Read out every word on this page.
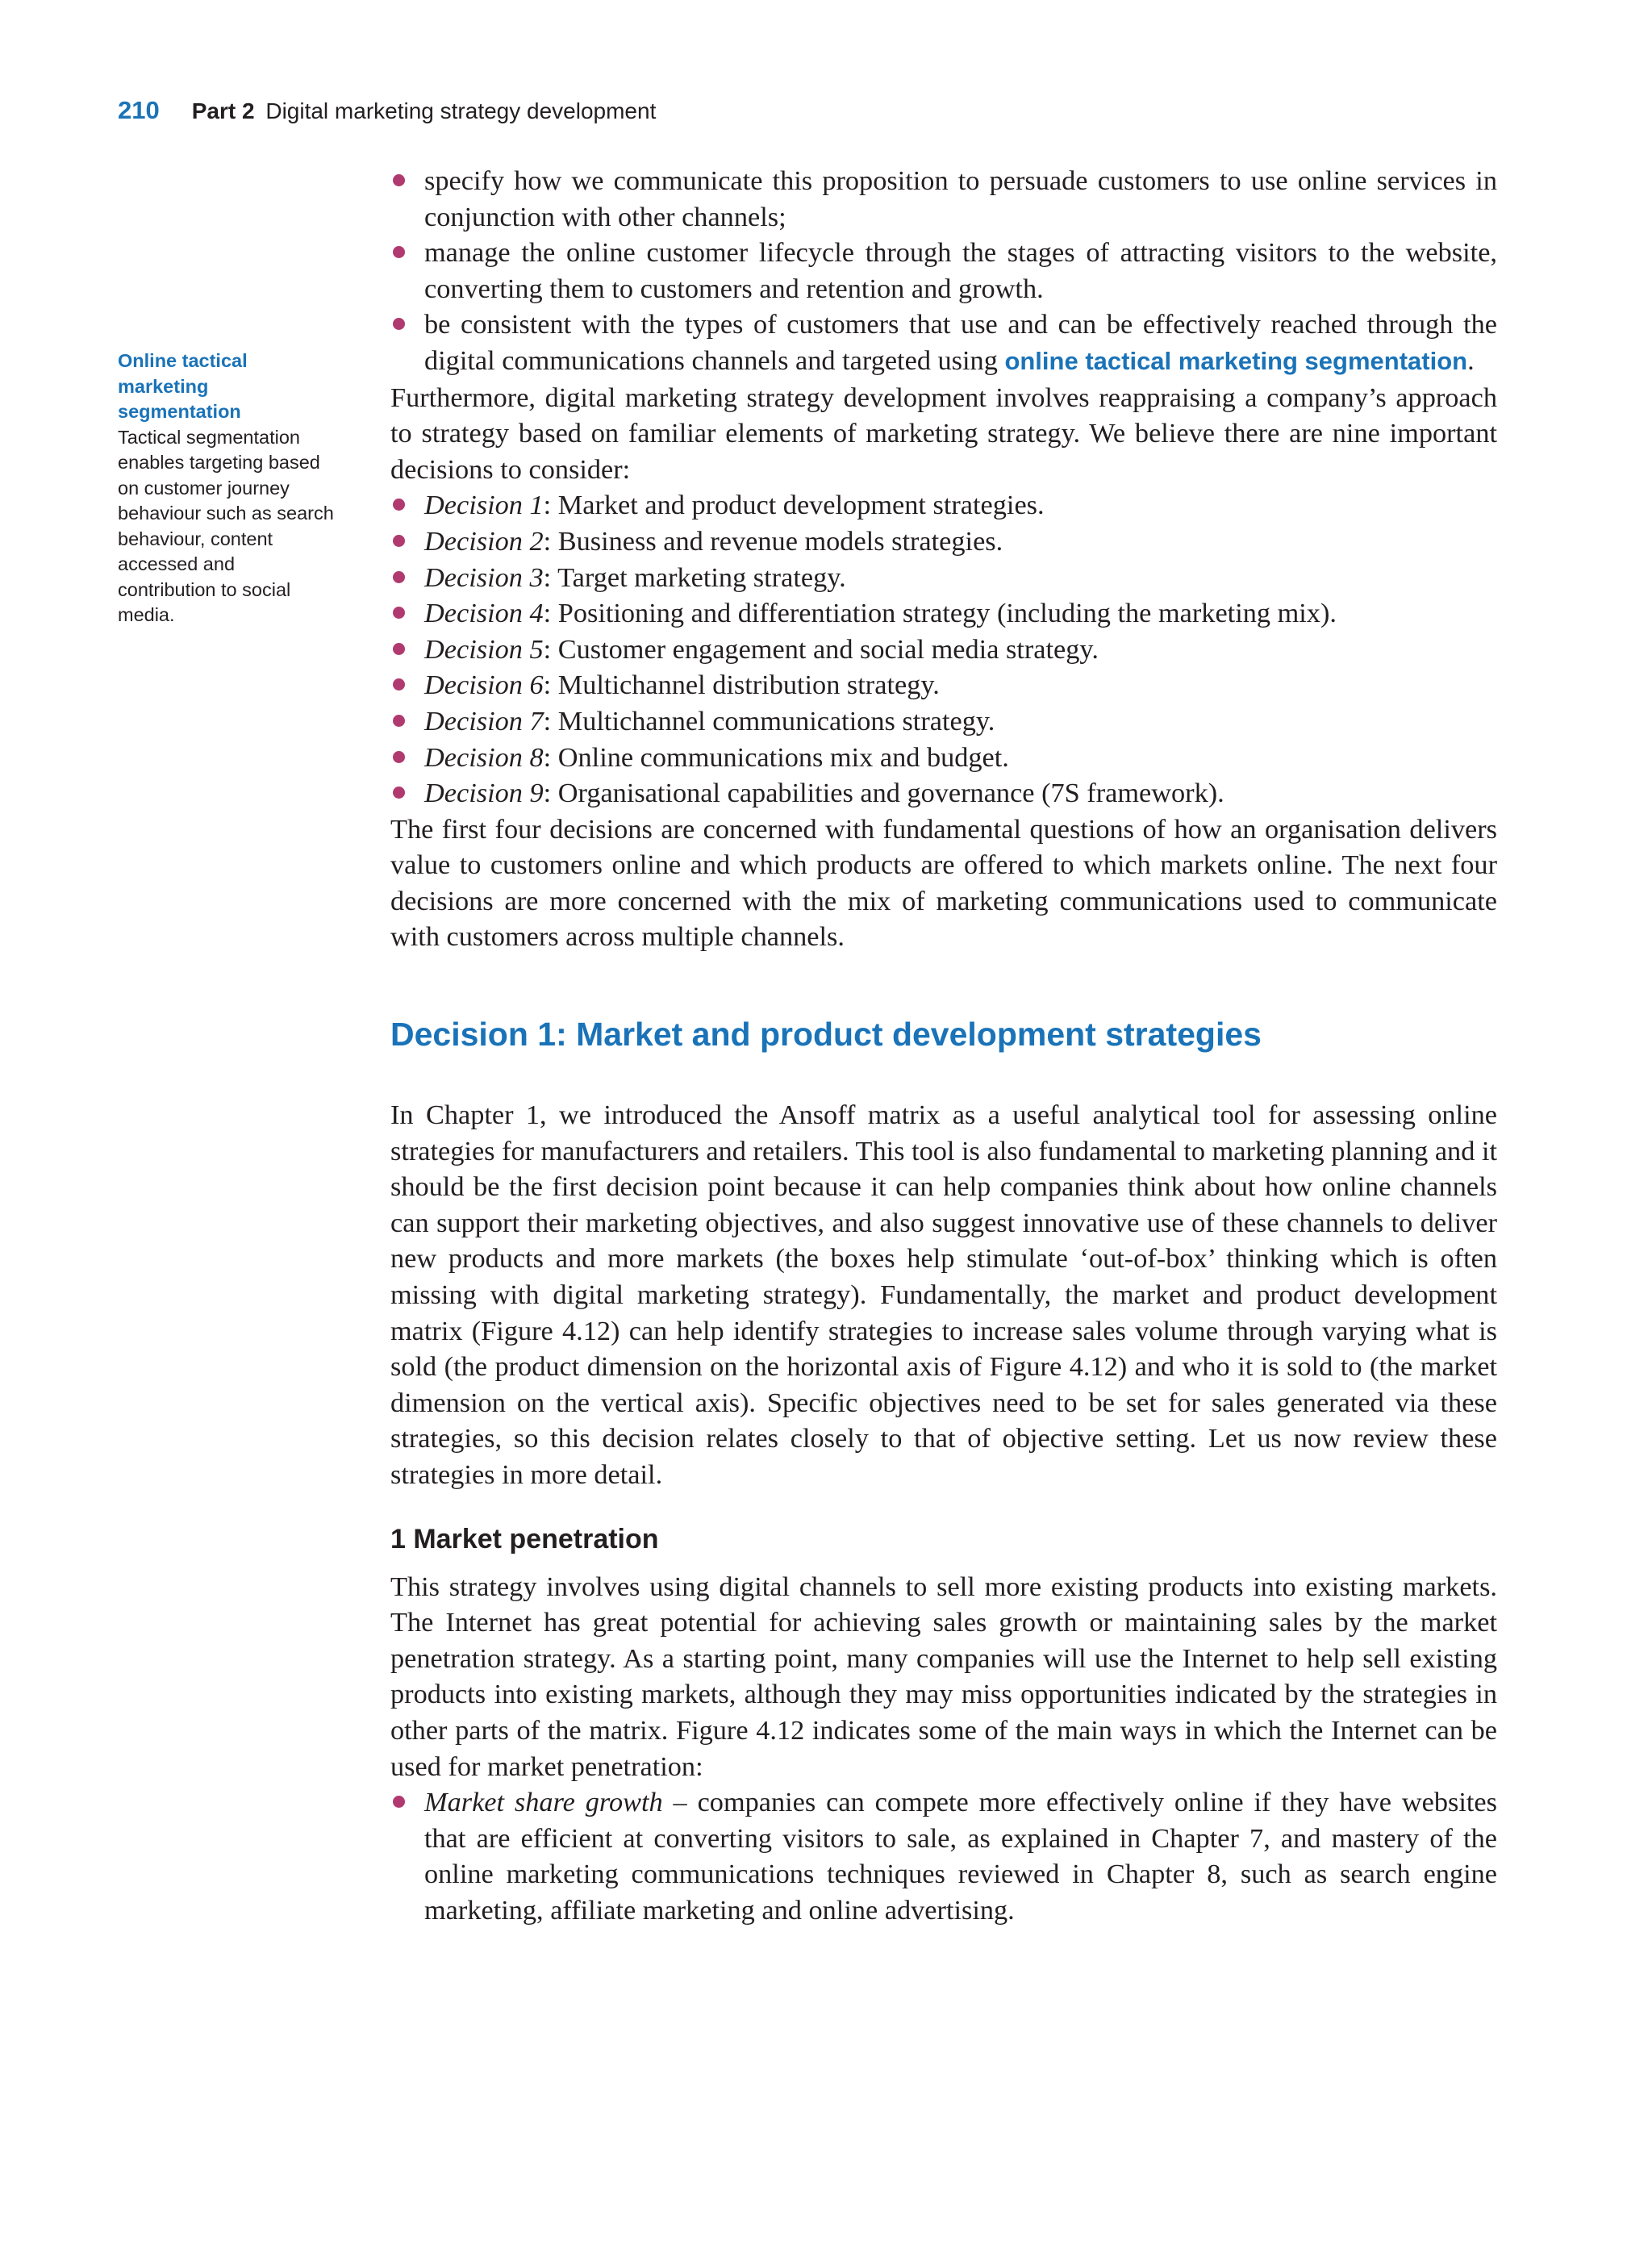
210 Part 2 Digital marketing strategy development
Online tactical marketing segmentation
Tactical segmentation enables targeting based on customer journey behaviour such as search behaviour, content accessed and contribution to social media.
specify how we communicate this proposition to persuade customers to use online services in conjunction with other channels;
manage the online customer lifecycle through the stages of attracting visitors to the website, converting them to customers and retention and growth.
be consistent with the types of customers that use and can be effectively reached through the digital communications channels and targeted using online tactical marketing segmentation.

Furthermore, digital marketing strategy development involves reappraising a company’s approach to strategy based on familiar elements of marketing strategy. We believe there are nine important decisions to consider:

Decision 1: Market and product development strategies.
Decision 2: Business and revenue models strategies.
Decision 3: Target marketing strategy.
Decision 4: Positioning and differentiation strategy (including the marketing mix).
Decision 5: Customer engagement and social media strategy.
Decision 6: Multichannel distribution strategy.
Decision 7: Multichannel communications strategy.
Decision 8: Online communications mix and budget.
Decision 9: Organisational capabilities and governance (7S framework).

The first four decisions are concerned with fundamental questions of how an organisation delivers value to customers online and which products are offered to which markets online. The next four decisions are more concerned with the mix of marketing communications used to communicate with customers across multiple channels.

Decision 1: Market and product development strategies

In Chapter 1, we introduced the Ansoff matrix as a useful analytical tool for assessing online strategies for manufacturers and retailers. This tool is also fundamental to marketing planning and it should be the first decision point because it can help companies think about how online channels can support their marketing objectives, and also suggest innovative use of these channels to deliver new products and more markets (the boxes help stimulate ‘out-of-box’ thinking which is often missing with digital marketing strategy). Fundamentally, the market and product development matrix (Figure 4.12) can help identify strategies to increase sales volume through varying what is sold (the product dimension on the horizontal axis of Figure 4.12) and who it is sold to (the market dimension on the vertical axis). Specific objectives need to be set for sales generated via these strategies, so this decision relates closely to that of objective setting. Let us now review these strategies in more detail.

1 Market penetration

This strategy involves using digital channels to sell more existing products into existing markets. The Internet has great potential for achieving sales growth or maintaining sales by the market penetration strategy. As a starting point, many companies will use the Internet to help sell existing products into existing markets, although they may miss opportunities indicated by the strategies in other parts of the matrix. Figure 4.12 indicates some of the main ways in which the Internet can be used for market penetration:

Market share growth – companies can compete more effectively online if they have websites that are efficient at converting visitors to sale, as explained in Chapter 7, and mastery of the online marketing communications techniques reviewed in Chapter 8, such as search engine marketing, affiliate marketing and online advertising.
